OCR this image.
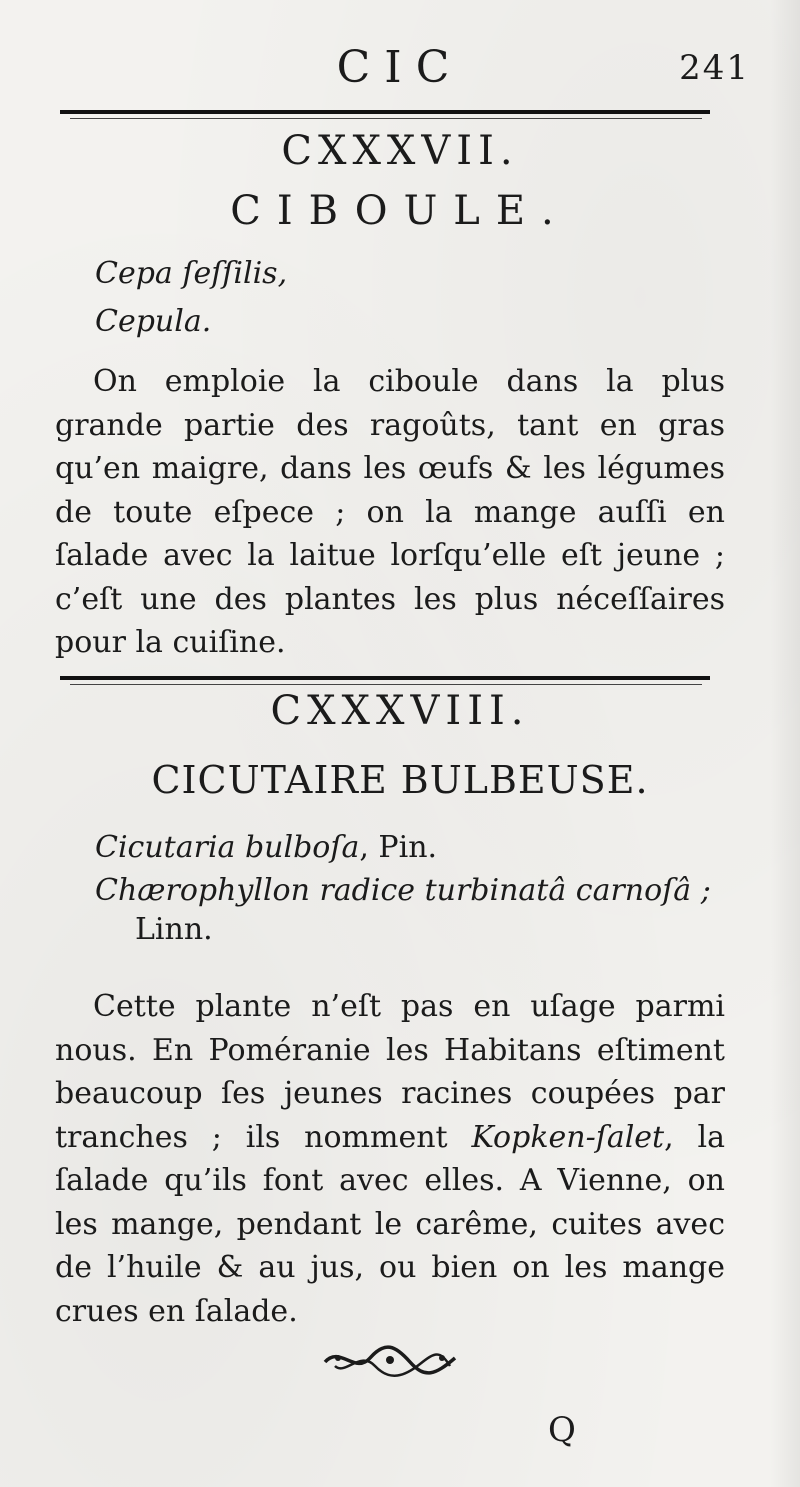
CIC	241
CXXXVII.
CIBOULE.
Cepa ſeſſilis,
Cepula.
On emploie la ciboule dans la plus grande partie des ragoûts, tant en gras qu’en maigre, dans les œufs & les légumes de toute eſpece ; on la mange auſſi en ſalade avec la laitue lorſqu’elle eſt jeune ; c’eſt une des plantes les plus néceſſaires pour la cuiſine.
CXXXVIII.
CICUTAIRE BULBEUSE.
Cicutaria bulboſa, Pin.
Chærophyllon radice turbinatâ carnoſâ ;
Linn.
Cette plante n’eſt pas en uſage parmi nous. En Poméranie les Habitans eſtiment beaucoup ſes jeunes racines coupées par tranches ; ils nomment Kopken-ſalet, la ſalade qu’ils font avec elles. A Vienne, on les mange, pendant le carême, cuites avec de l’huile & au jus, ou bien on les mange crues en ſalade.
Q
